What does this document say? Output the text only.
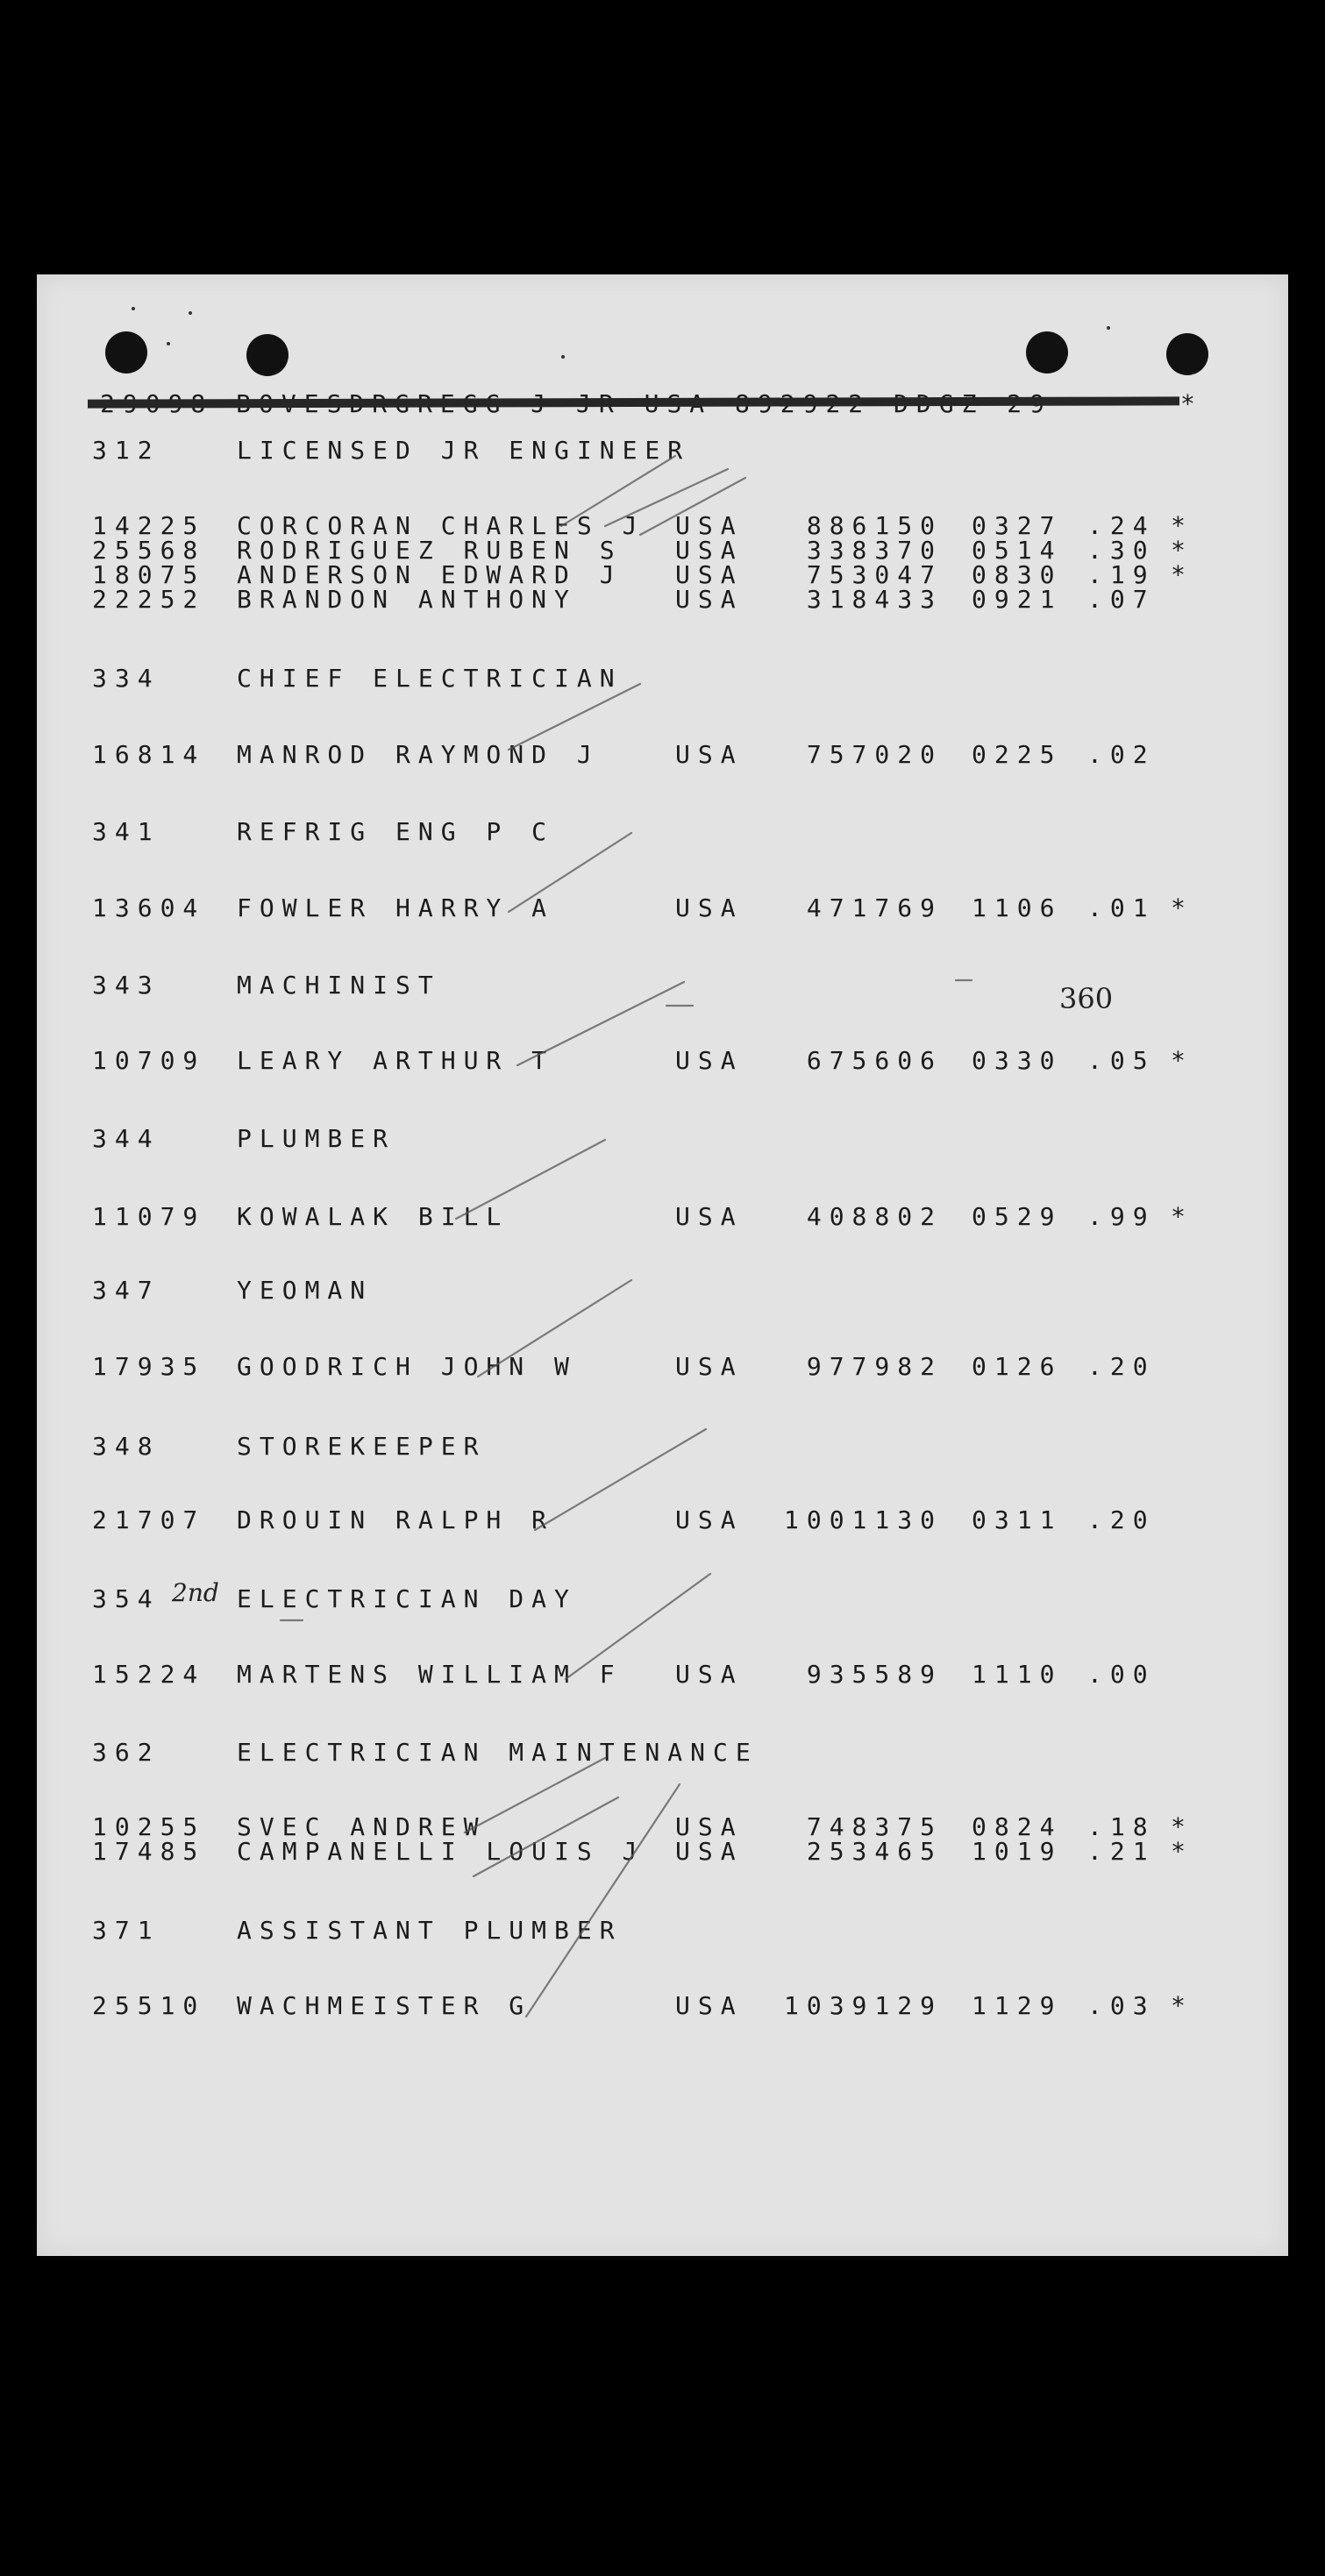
*
312	LICENSED JR ENGINEER
14225 CORCORAN CHARLES J USA	886150 0327 .24 *
25568 RODRIGUEZ RUBEN S USA	338370 0514 .30 *
18075 ANDERSON EDWARD J USA	753047 0830 .19 *
22252 BRANDON ANTHONY	USA	318433 0921 .07
334	CHIEF ELECTRICIAN
16814 MANROD RAYMOND J	USA	757020 0225 .02
341	REFRIG ENG P C
13604 FOWLER HARRY A	USA	471769 1106 .01 *
343	MACHINIST
10709 LEARY ARTHUR T	USA	675606 0330 .05 *
344	PLUMBER
11079 KOWALAK BILL	USA	408802 0529 .99 *
347	YEOMAN
17935 GOODRICH JOHN W	USA	977982 0126 .20
348	STOREKEEPER
21707 DROUIN RALPH R	USA 1001130 0311 .20
354	ELECTRICIAN DAY
15224 MARTENS WILLIAM F USA	935589 1110 .00
362	ELECTRICIAN MAINTENANCE
10255 SVEC ANDREW	USA	748375 0824 .18 *
17485 CAMPANELLI LOUIS J USA	253465 1019 .21 *
371	ASSISTANT PLUMBER
25510 WACHMEISTER G	USA 1039129 1129 .03 *
360
2nd
